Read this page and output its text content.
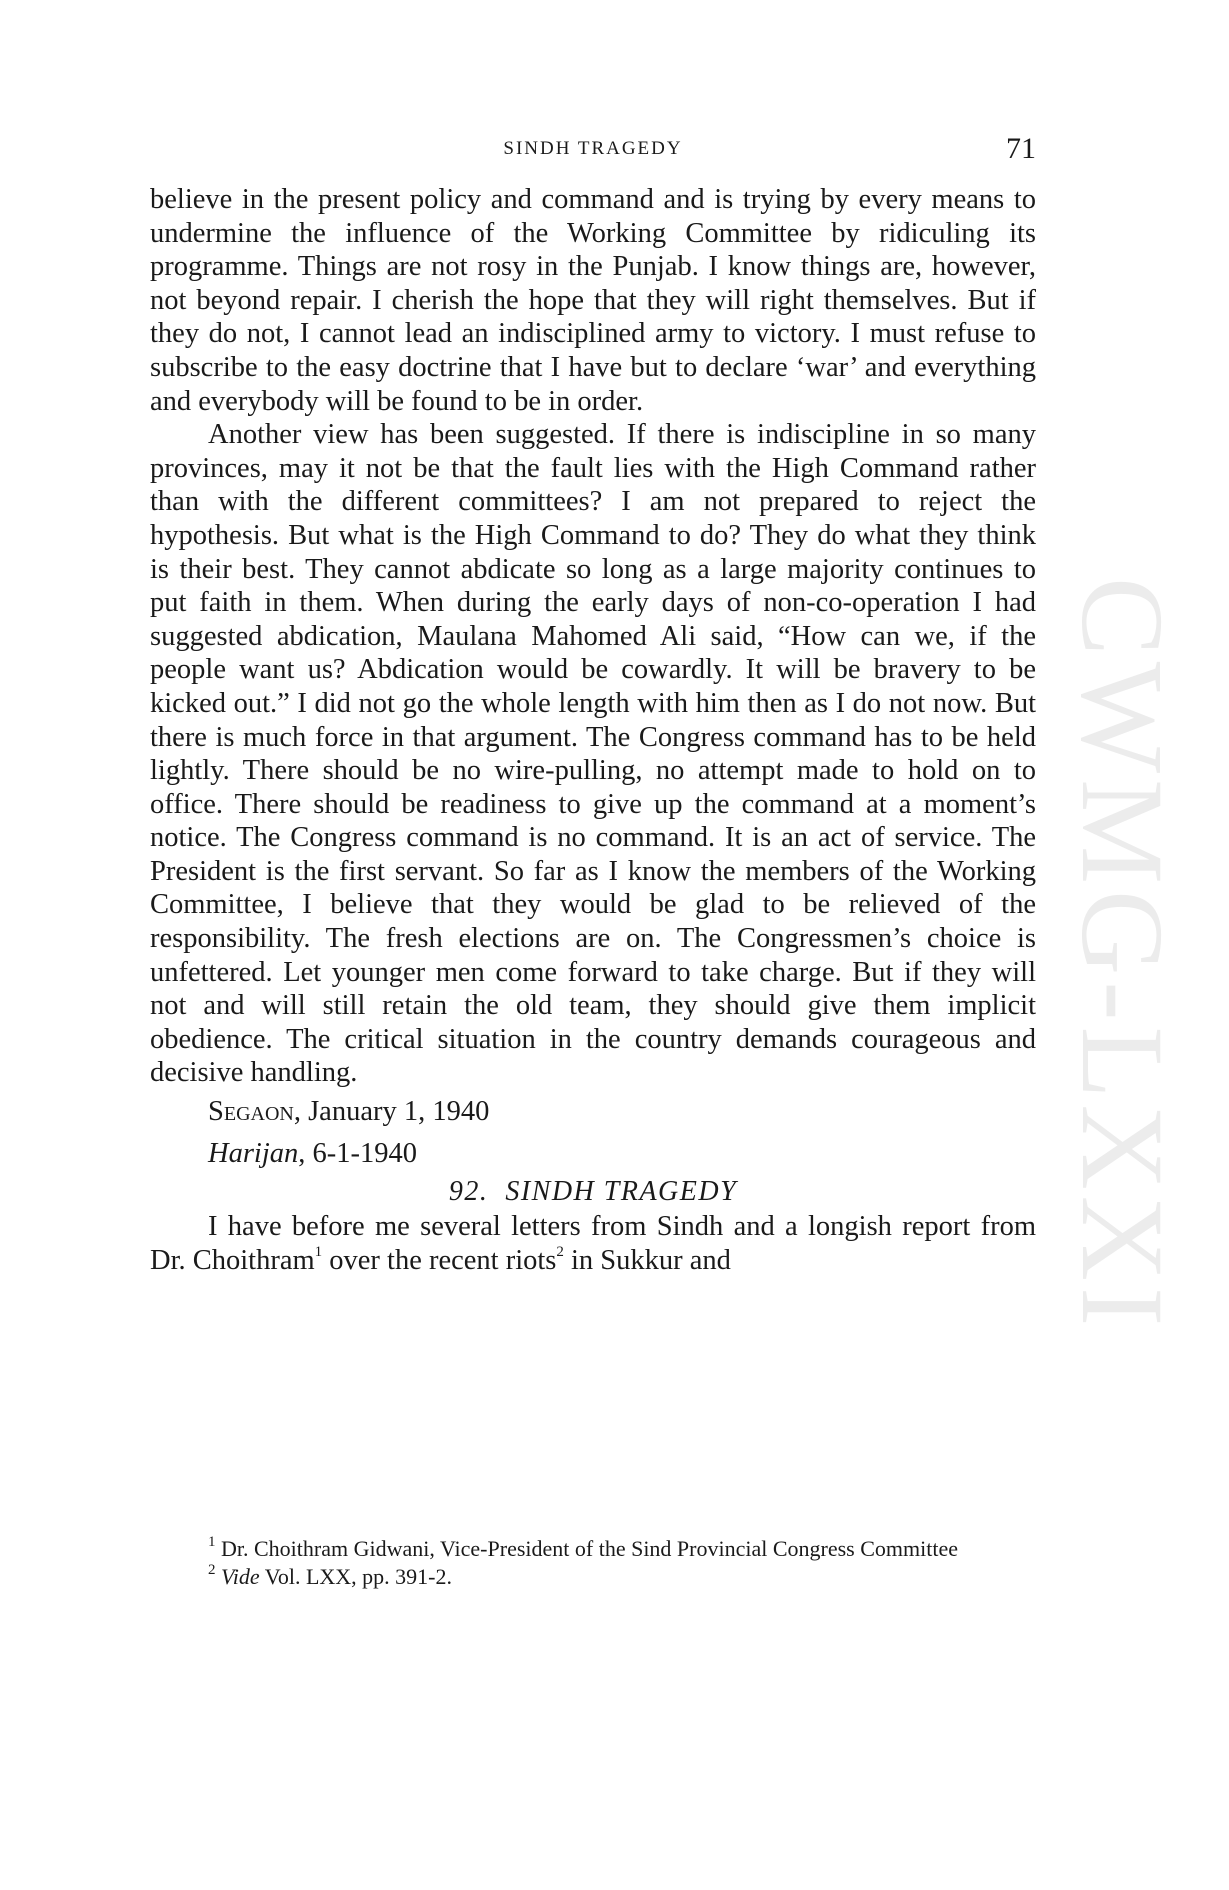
CWMG-LXXI
SINDH TRAGEDY	71

believe in the present policy and command and is trying by every means to undermine the influence of the Working Committee by ridiculing its programme. Things are not rosy in the Punjab. I know things are, however, not beyond repair. I cherish the hope that they will right themselves. But if they do not, I cannot lead an indisciplined army to victory. I must refuse to subscribe to the easy doctrine that I have but to declare ‘war’ and everything and everybody will be found to be in order.

Another view has been suggested. If there is indiscipline in so many provinces, may it not be that the fault lies with the High Command rather than with the different committees? I am not prepared to reject the hypothesis. But what is the High Command to do? They do what they think is their best. They cannot abdicate so long as a large majority continues to put faith in them. When during the early days of non-co-operation I had suggested abdication, Maulana Mahomed Ali said, “How can we, if the people want us? Abdication would be cowardly. It will be bravery to be kicked out.” I did not go the whole length with him then as I do not now. But there is much force in that argument. The Congress command has to be held lightly. There should be no wire-pulling, no attempt made to hold on to office. There should be readiness to give up the command at a moment’s notice. The Congress command is no command. It is an act of service. The President is the first servant. So far as I know the members of the Working Committee, I believe that they would be glad to be relieved of the responsibility. The fresh elections are on. The Congressmen’s choice is unfettered. Let younger men come forward to take charge. But if they will not and will still retain the old team, they should give them implicit obedience. The critical situation in the country demands courageous and decisive handling.

Segaon, January 1, 1940

Harijan, 6-1-1940

92. SINDH TRAGEDY

I have before me several letters from Sindh and a longish report from Dr. Choithram$^1$ over the recent riots$^2$ in Sukkur and

$^1$ Dr. Choithram Gidwani, Vice-President of the Sind Provincial Congress Committee

$^2$ Vide Vol. LXX, pp. 391-2.
